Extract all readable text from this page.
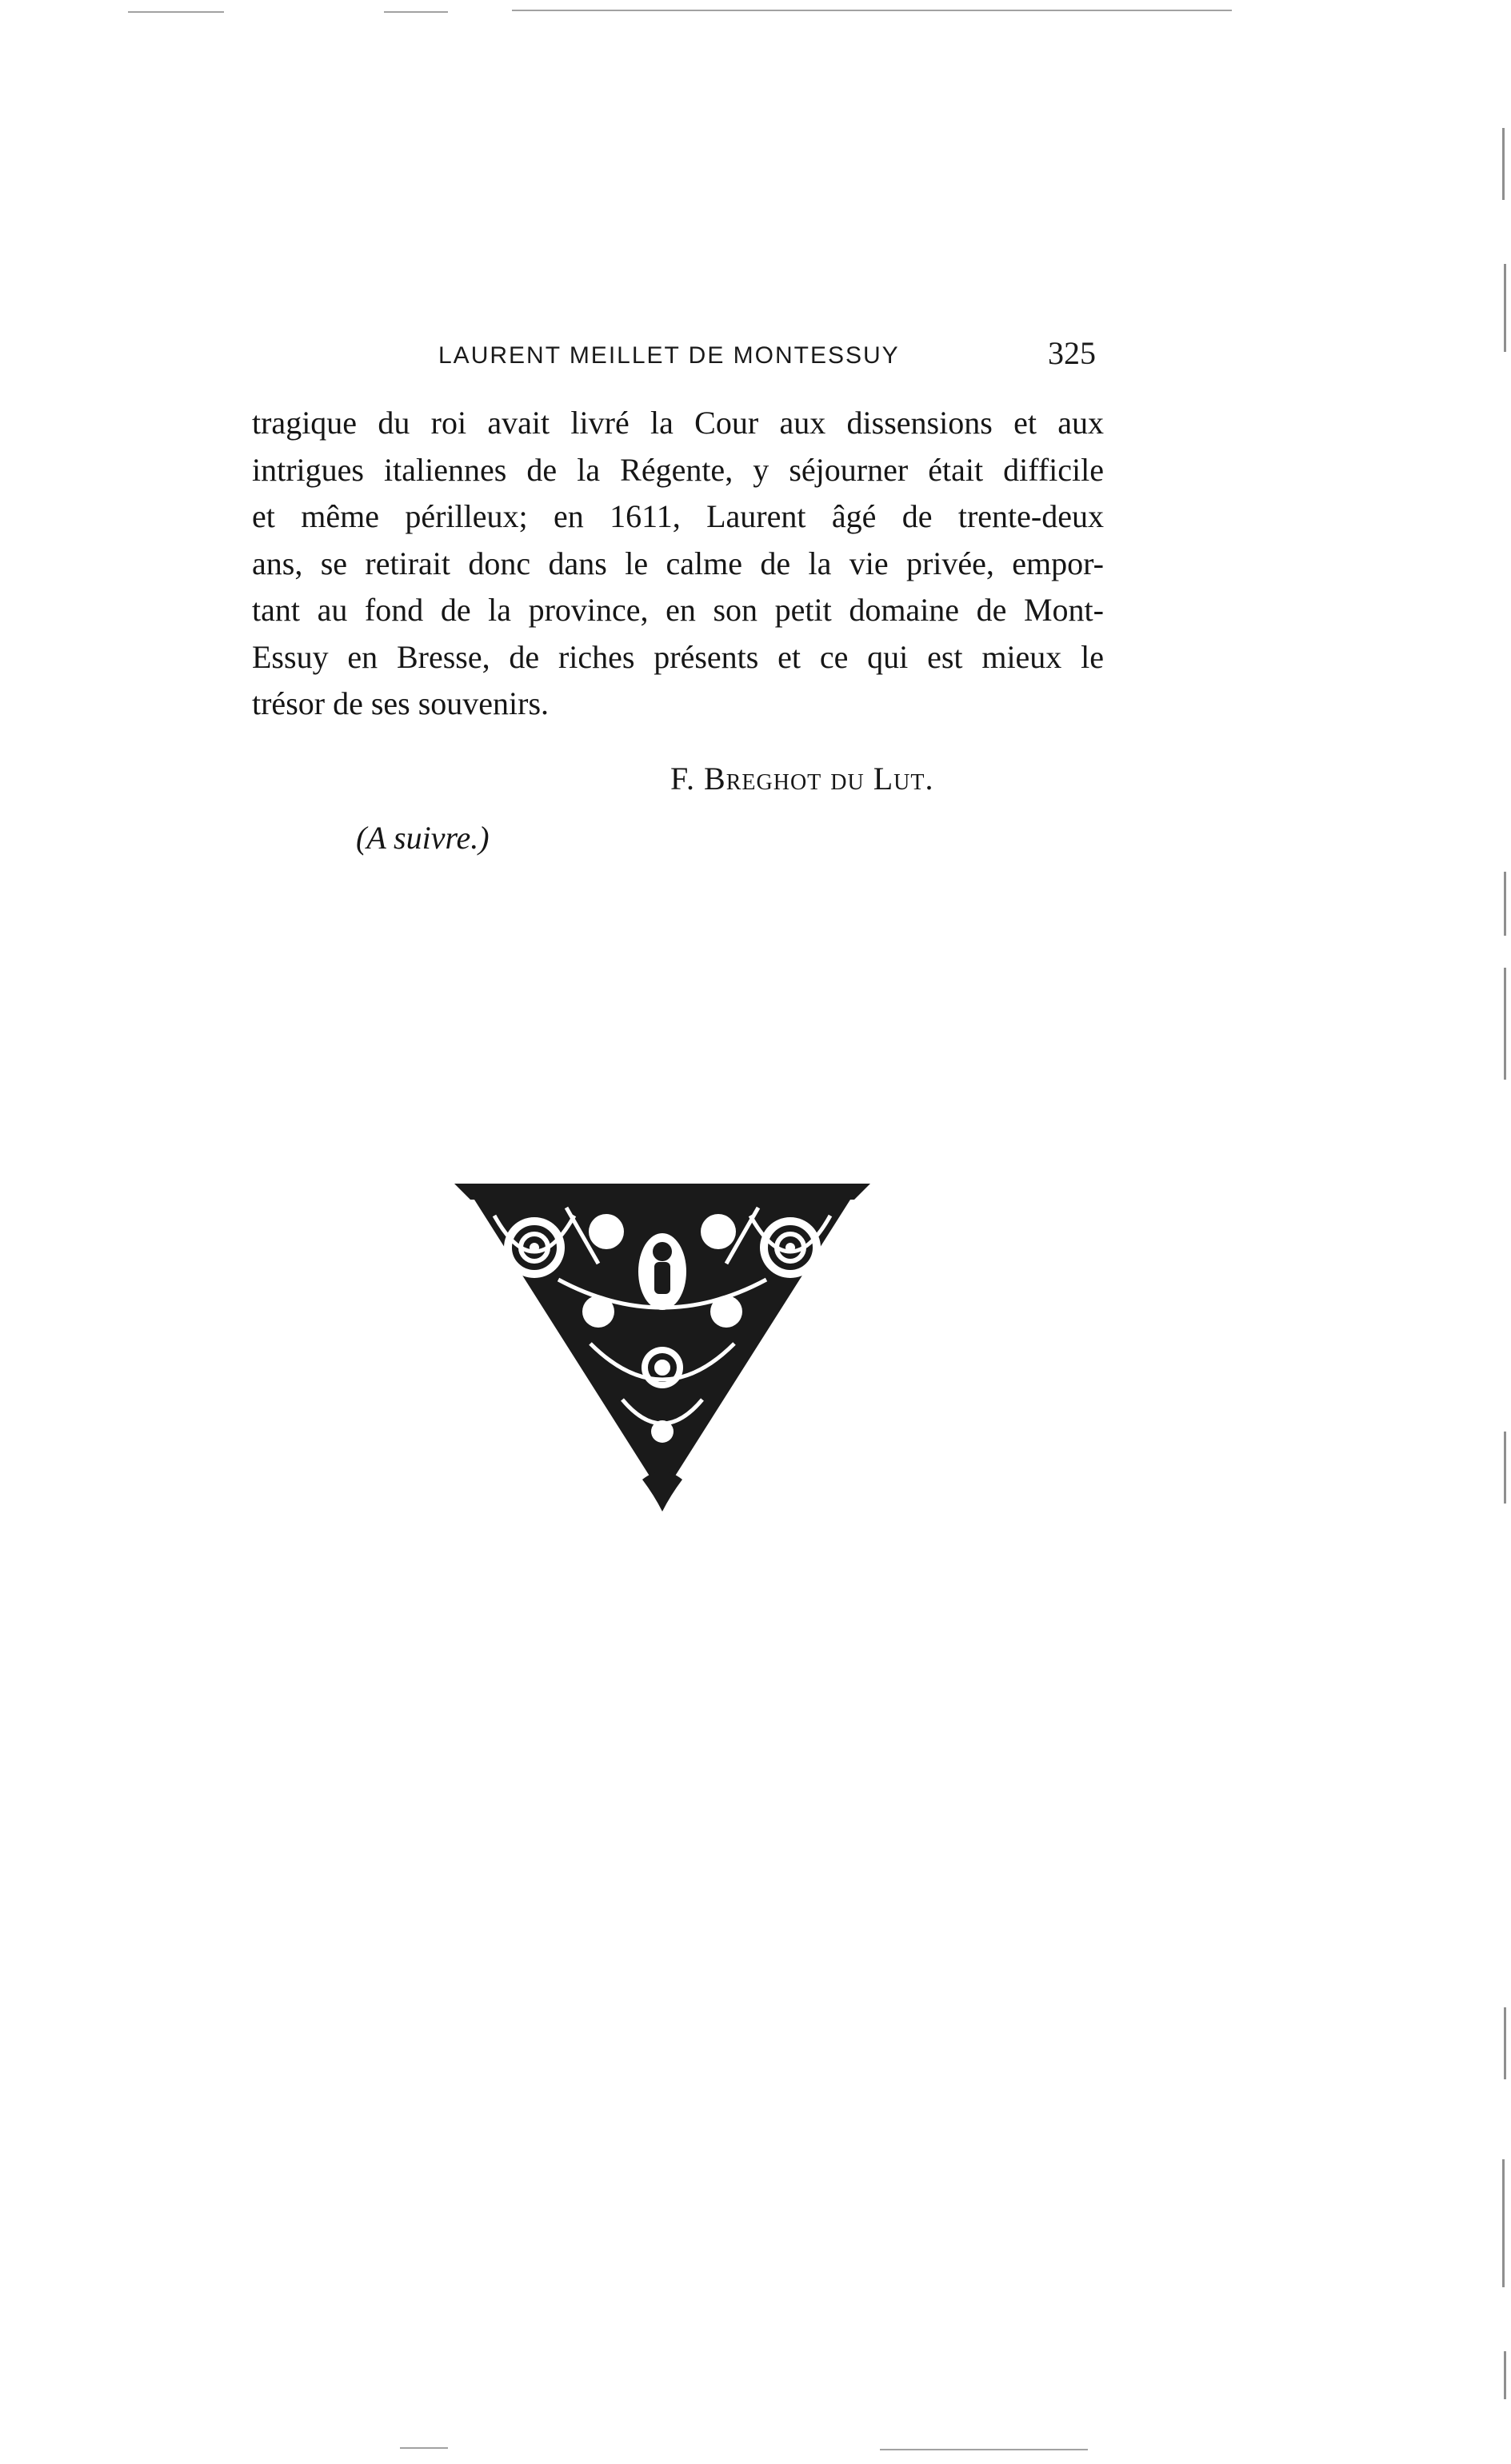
LAURENT MEILLET DE MONTESSUY	325
tragique du roi avait livré la Cour aux dissensions et aux
intrigues italiennes de la Régente, y séjourner était difficile
et même périlleux; en 1611, Laurent âgé de trente-deux
ans, se retirait donc dans le calme de la vie privée, empor-
tant au fond de la province, en son petit domaine de Mont-
Essuy en Bresse, de riches présents et ce qui est mieux le
trésor de ses souvenirs.
F. Breghot du Lut.
(A suivre.)
